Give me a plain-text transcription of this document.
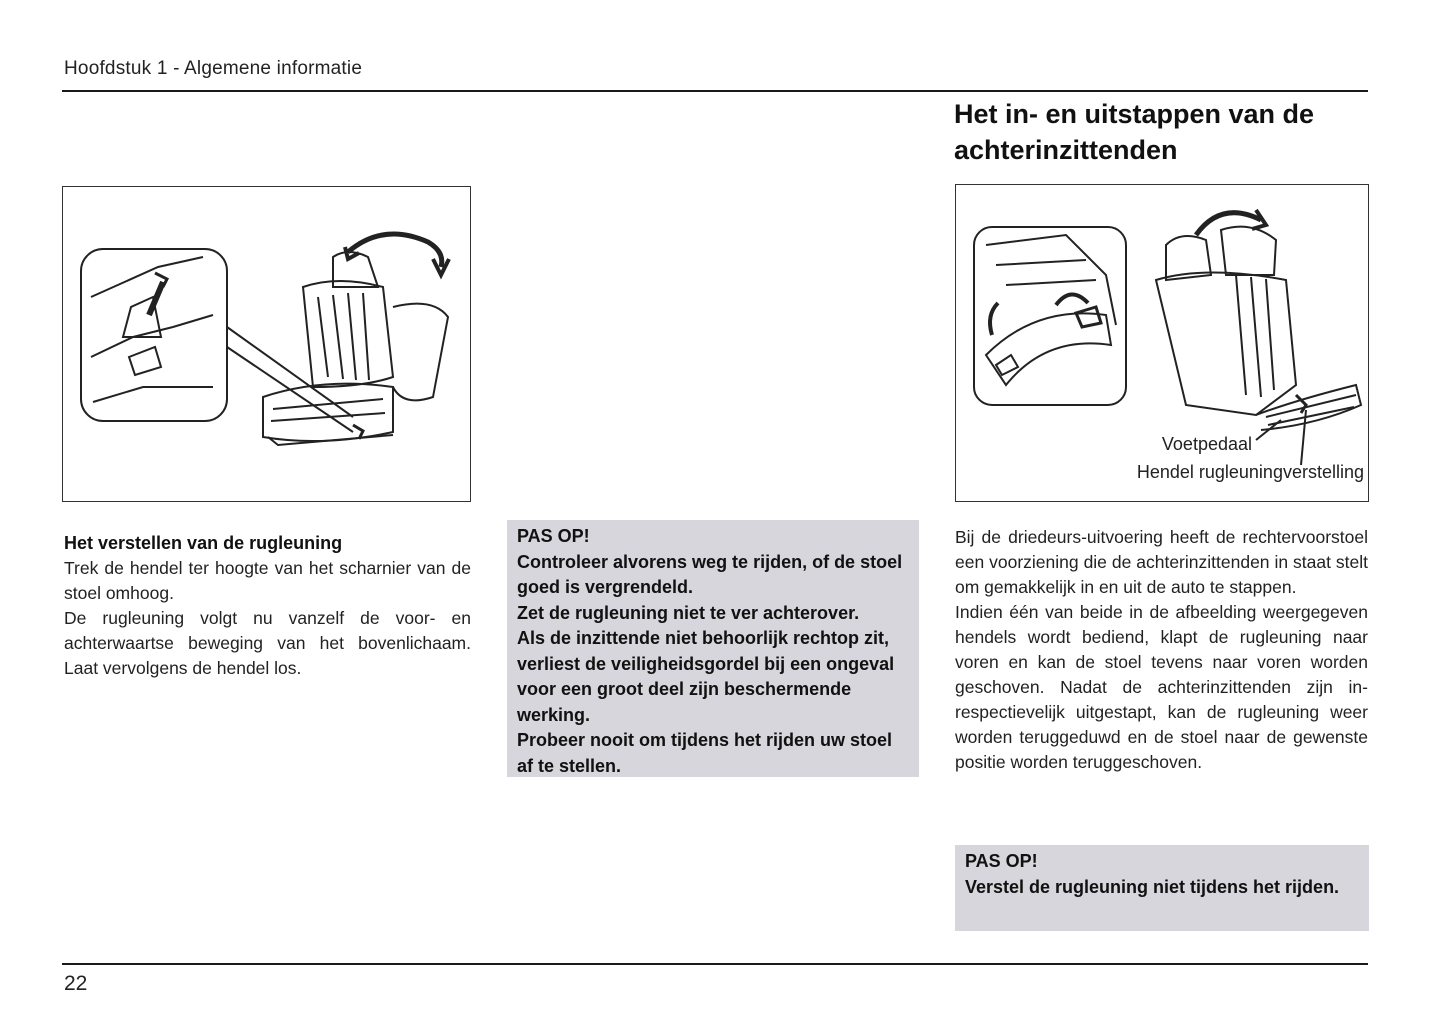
Hoofdstuk 1 - Algemene informatie
Het in- en uitstappen van de
achterinzittenden
Voetpedaal
Hendel rugleuningverstelling
Het verstellen van de rugleuning

Trek de hendel ter hoogte van het scharnier van de stoel omhoog.

De rugleuning volgt nu vanzelf de voor- en achterwaartse beweging van het bovenlichaam. Laat vervolgens de hendel los.

PAS OP!

Controleer alvorens weg te rijden, of de stoel goed is vergrendeld.

Zet de rugleuning niet te ver achterover.

Als de inzittende niet behoorlijk rechtop zit, verliest de veiligheidsgordel bij een ongeval voor een groot deel zijn beschermende werking.

Probeer nooit om tijdens het rijden uw stoel af te stellen.

Bij de driedeurs-uitvoering heeft de rechtervoorstoel een voorziening die de achterinzittenden in staat stelt om gemakkelijk in en uit de auto te stappen.

Indien één van beide in de afbeelding weergegeven hendels wordt bediend, klapt de rugleuning naar voren en kan de stoel tevens naar voren worden geschoven. Nadat de achterinzittenden zijn in- respectievelijk uitgestapt, kan de rugleuning weer worden teruggeduwd en de stoel naar de gewenste positie worden teruggeschoven.

PAS OP!

Verstel de rugleuning niet tijdens het rijden.

22
